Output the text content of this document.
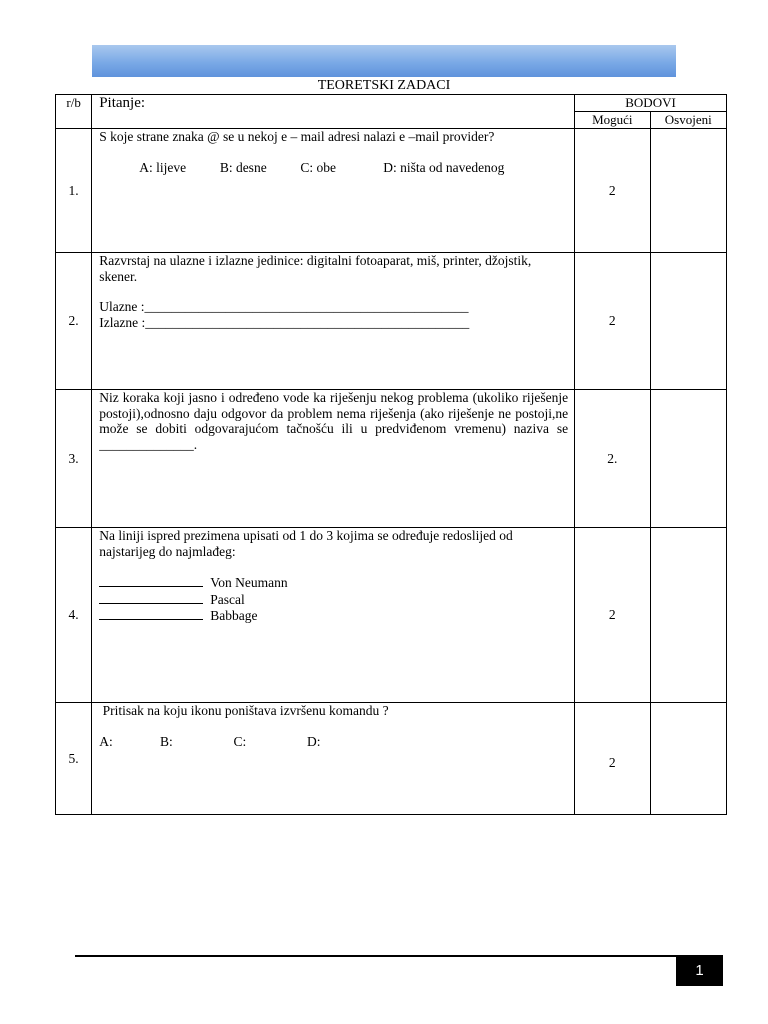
TEORETSKI ZADACI
r/b	Pitanje:	BODOVI	
		Mogući	Osvojeni
1.	S koje strane znaka @ se u nekoj e – mail adresi nalazi e –mail provider?
A: lijeve          B: desne          C: obe              D: ništa od navedenog	2	
2.	Razvrstaj na ulazne i izlazne jedinice: digitalni fotoaparat, miš, printer, džojstik, skener.
Ulazne :________________________________________________
Izlazne :________________________________________________	2	
3.	Niz koraka koji jasno i određeno vode ka riješenju nekog problema (ukoliko riješenje postoji),odnosno daju odgovor da problem nema riješenja (ako riješenje ne postoji,ne može se dobiti odgovarajućom tačnošću ili u predviđenom vremenu) naziva se ______________.	2.	
4.	Na liniji ispred prezimena upisati od 1 do 3 kojima se određuje redoslijed od najstarijeg do najmlađeg:
Von Neumann
Pascal
Babbage	2	
5.	Pritisak na koju ikonu poništava izvršenu komandu ?
A:              B:                  C:                  D:	2	
1
